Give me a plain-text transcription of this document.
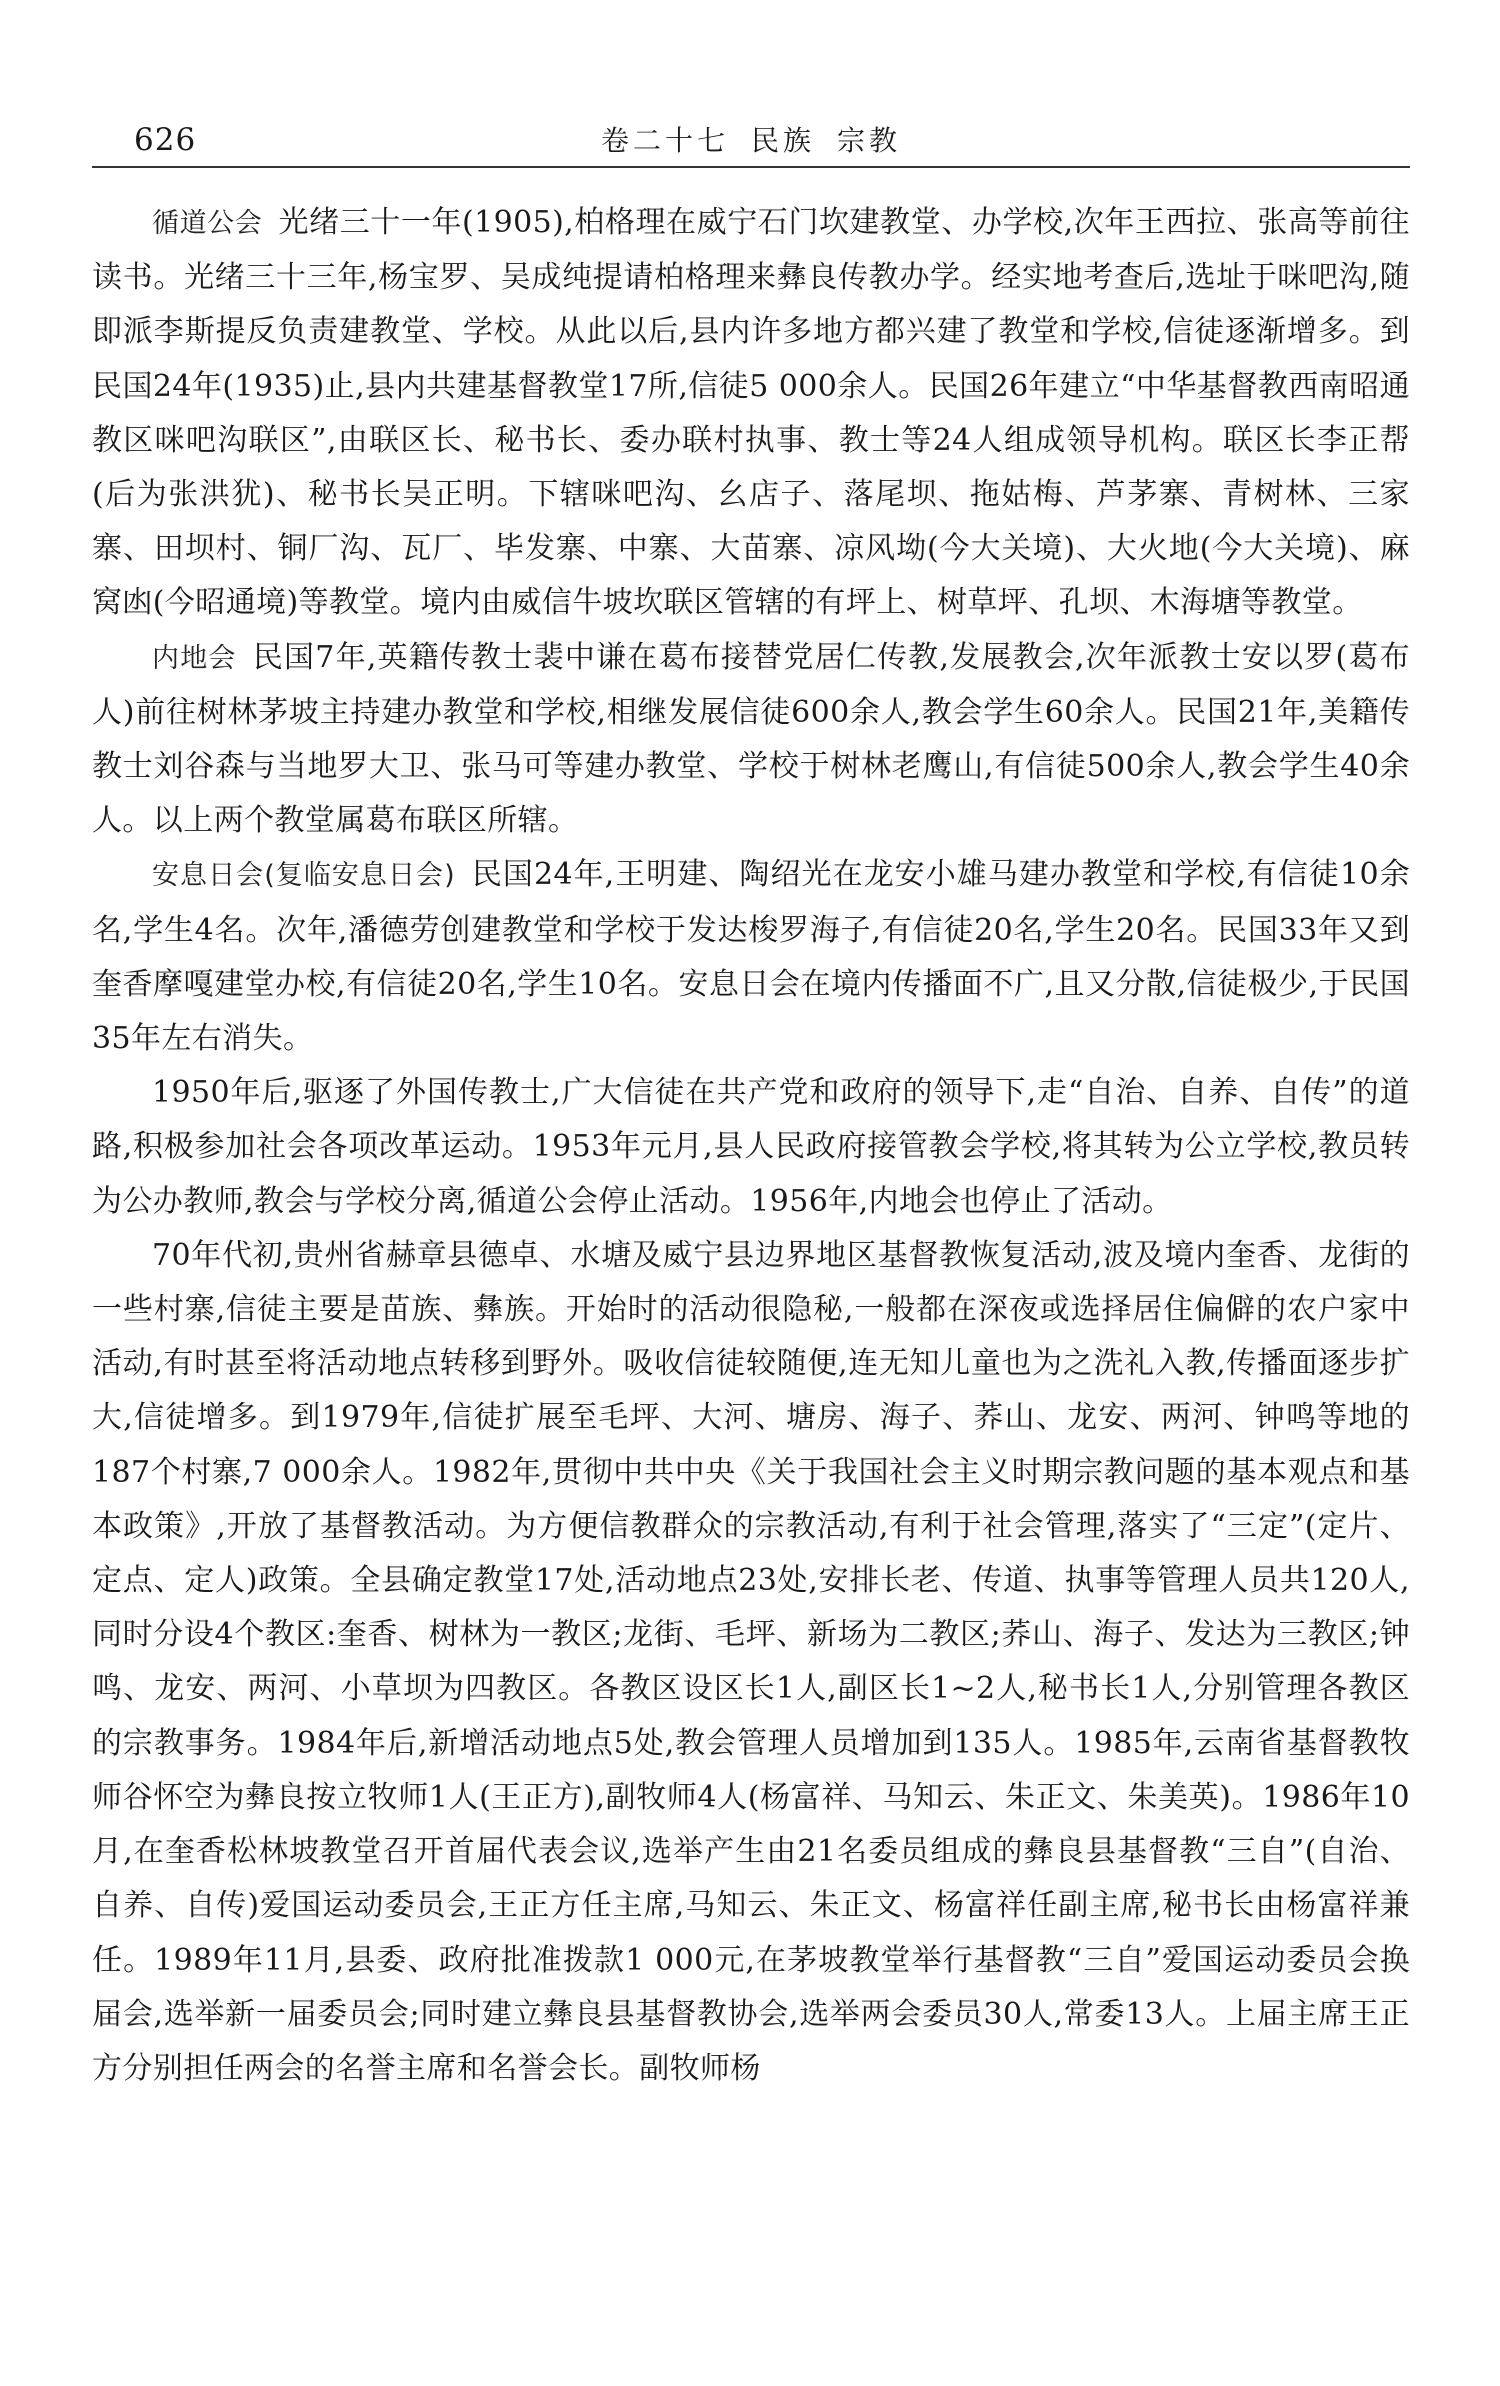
626	卷二十七 民族 宗教

循道公会 光绪三十一年(1905),柏格理在威宁石门坎建教堂、办学校,次年王西拉、张高等前往读书。光绪三十三年,杨宝罗、吴成纯提请柏格理来彝良传教办学。经实地考查后,选址于咪吧沟,随即派李斯提反负责建教堂、学校。从此以后,县内许多地方都兴建了教堂和学校,信徒逐渐增多。到民国24年(1935)止,县内共建基督教堂17所,信徒5 000余人。民国26年建立“中华基督教西南昭通教区咪吧沟联区”,由联区长、秘书长、委办联村执事、教士等24人组成领导机构。联区长李正帮(后为张洪犹)、秘书长吴正明。下辖咪吧沟、幺店子、落尾坝、拖姑梅、芦茅寨、青树林、三家寨、田坝村、铜厂沟、瓦厂、毕发寨、中寨、大苗寨、凉风坳(今大关境)、大火地(今大关境)、麻窝凼(今昭通境)等教堂。境内由威信牛坡坎联区管辖的有坪上、树草坪、孔坝、木海塘等教堂。

内地会 民国7年,英籍传教士裴中谦在葛布接替党居仁传教,发展教会,次年派教士安以罗(葛布人)前往树林茅坡主持建办教堂和学校,相继发展信徒600余人,教会学生60余人。民国21年,美籍传教士刘谷森与当地罗大卫、张马可等建办教堂、学校于树林老鹰山,有信徒500余人,教会学生40余人。以上两个教堂属葛布联区所辖。

安息日会(复临安息日会) 民国24年,王明建、陶绍光在龙安小雄马建办教堂和学校,有信徒10余名,学生4名。次年,潘德劳创建教堂和学校于发达梭罗海子,有信徒20名,学生20名。民国33年又到奎香摩嘎建堂办校,有信徒20名,学生10名。安息日会在境内传播面不广,且又分散,信徒极少,于民国35年左右消失。

1950年后,驱逐了外国传教士,广大信徒在共产党和政府的领导下,走“自治、自养、自传”的道路,积极参加社会各项改革运动。1953年元月,县人民政府接管教会学校,将其转为公立学校,教员转为公办教师,教会与学校分离,循道公会停止活动。1956年,内地会也停止了活动。

70年代初,贵州省赫章县德卓、水塘及威宁县边界地区基督教恢复活动,波及境内奎香、龙街的一些村寨,信徒主要是苗族、彝族。开始时的活动很隐秘,一般都在深夜或选择居住偏僻的农户家中活动,有时甚至将活动地点转移到野外。吸收信徒较随便,连无知儿童也为之洗礼入教,传播面逐步扩大,信徒增多。到1979年,信徒扩展至毛坪、大河、塘房、海子、荞山、龙安、两河、钟鸣等地的187个村寨,7 000余人。1982年,贯彻中共中央《关于我国社会主义时期宗教问题的基本观点和基本政策》,开放了基督教活动。为方便信教群众的宗教活动,有利于社会管理,落实了“三定”(定片、定点、定人)政策。全县确定教堂17处,活动地点23处,安排长老、传道、执事等管理人员共120人,同时分设4个教区:奎香、树林为一教区;龙街、毛坪、新场为二教区;荞山、海子、发达为三教区;钟鸣、龙安、两河、小草坝为四教区。各教区设区长1人,副区长1~2人,秘书长1人,分别管理各教区的宗教事务。1984年后,新增活动地点5处,教会管理人员增加到135人。1985年,云南省基督教牧师谷怀空为彝良按立牧师1人(王正方),副牧师4人(杨富祥、马知云、朱正文、朱美英)。1986年10月,在奎香松林坡教堂召开首届代表会议,选举产生由21名委员组成的彝良县基督教“三自”(自治、自养、自传)爱国运动委员会,王正方任主席,马知云、朱正文、杨富祥任副主席,秘书长由杨富祥兼任。1989年11月,县委、政府批准拨款1 000元,在茅坡教堂举行基督教“三自”爱国运动委员会换届会,选举新一届委员会;同时建立彝良县基督教协会,选举两会委员30人,常委13人。上届主席王正方分别担任两会的名誉主席和名誉会长。副牧师杨
